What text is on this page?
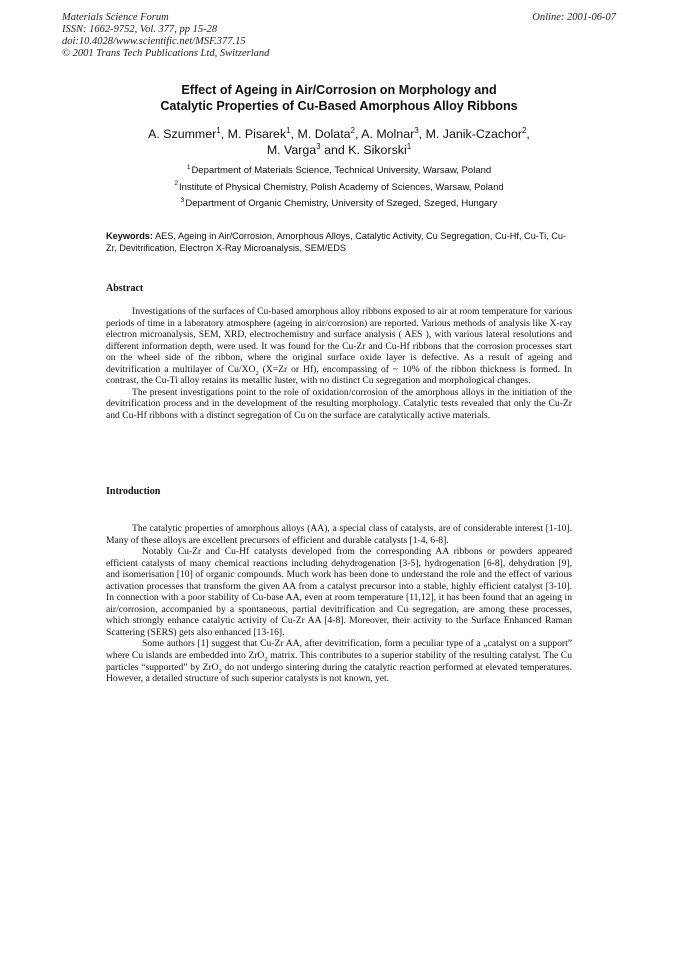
Materials Science Forum
ISSN: 1662-9752, Vol. 377, pp 15-28
doi:10.4028/www.scientific.net/MSF.377.15
© 2001 Trans Tech Publications Ltd, Switzerland
Online: 2001-06-07
Effect of Ageing in Air/Corrosion on Morphology and
Catalytic Properties of Cu-Based Amorphous Alloy Ribbons
A. Szummer$^1$, M. Pisarek$^1$, M. Dolata$^2$, A. Molnar$^3$, M. Janik-Czachor$^2$,
M. Varga$^3$ and K. Sikorski$^1$
$^1$Department of Materials Science, Technical University, Warsaw, Poland
$^2$Institute of Physical Chemistry, Polish Academy of Sciences, Warsaw, Poland
$^3$Department of Organic Chemistry, University of Szeged, Szeged, Hungary
Keywords: AES, Ageing in Air/Corrosion, Amorphous Alloys, Catalytic Activity, Cu Segregation, Cu-Hf, Cu-Ti, Cu-Zr, Devitrification, Electron X-Ray Microanalysis, SEM/EDS
Abstract

Investigations of the surfaces of Cu-based amorphous alloy ribbons exposed to air at room temperature for various periods of time in a laboratory atmosphere (ageing in air/corrosion) are reported. Various methods of analysis like X-ray electron microanalysis, SEM, XRD, electrochemistry and surface analysis ( AES ), with various lateral resolutions and different information depth, were used. It was found for the Cu-Zr and Cu-Hf ribbons that the corrosion processes start on the wheel side of the ribbon, where the original surface oxide layer is defective. As a result of ageing and devitrification a multilayer of $Cu/XO_2$ (X=Zr or Hf), encompassing of ~ 10% of the ribbon thickness is formed. In contrast, the Cu-Ti alloy retains its metallic luster, with no distinct Cu segregation and morphological changes.

The present investigations point to the role of oxidation/corrosion of the amorphous alloys in the initiation of the devitrification process and in the development of the resulting morphology. Catalytic tests revealed that only the Cu-Zr and Cu-Hf ribbons with a distinct segregation of Cu on the surface are catalytically active materials.

Introduction

The catalytic properties of amorphous alloys (AA), a special class of catalysts, are of considerable interest [1-10]. Many of these alloys are excellent precursors of efficient and durable catalysts [1-4, 6-8].

Notably Cu-Zr and Cu-Hf catalysts developed from the corresponding AA ribbons or powders appeared efficient catalysts of many chemical reactions including dehydrogenation [3-5], hydrogenation [6-8], dehydration [9], and isomerisation [10] of organic compounds. Much work has been done to understand the role and the effect of various activation processes that transform the given AA from a catalyst precursor into a stable, highly efficient catalyst [3-10]. In connection with a poor stability of Cu-base AA, even at room temperature [11,12], it has been found that an ageing in air/corrosion, accompanied by a spontaneous, partial devitrification and Cu segregation, are among these processes, which strongly enhance catalytic activity of Cu-Zr AA [4-8]. Moreover, their activity to the Surface Enhanced Raman Scattering (SERS) gets also enhanced [13-16].

Some authors [1] suggest that Cu-Zr AA, after devitrification, form a peculiar type of a „catalyst on a support” where Cu islands are embedded into ZrO$_2$ matrix. This contributes to a superior stability of the resulting catalyst. The Cu particles “supported” by ZrO$_2$ do not undergo sintering during the catalytic reaction performed at elevated temperatures. However, a detailed structure of such superior catalysts is not known, yet.
